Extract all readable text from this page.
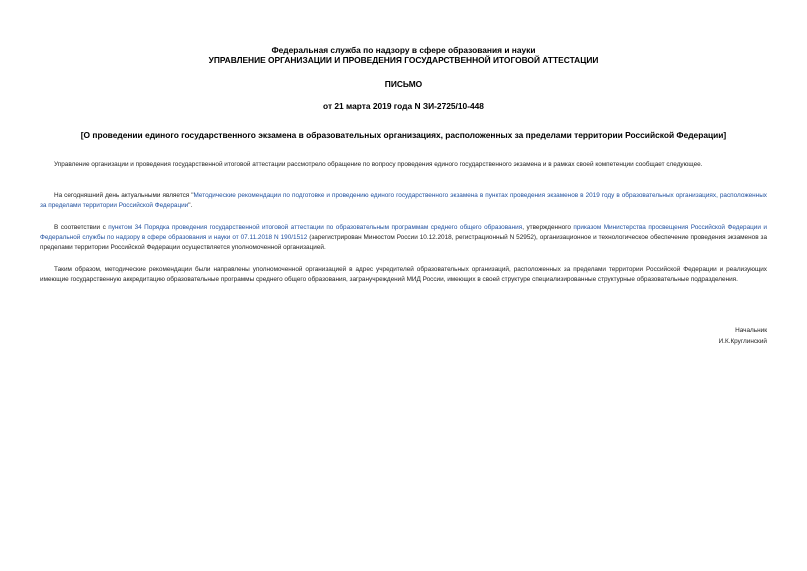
Федеральная служба по надзору в сфере образования и науки
УПРАВЛЕНИЕ ОРГАНИЗАЦИИ И ПРОВЕДЕНИЯ ГОСУДАРСТВЕННОЙ ИТОГОВОЙ АТТЕСТАЦИИ
ПИСЬМО
от 21 марта 2019 года N ЗИ-2725/10-448
[О проведении единого государственного экзамена в образовательных организациях, расположенных за пределами территории Российской Федерации]
Управление организации и проведения государственной итоговой аттестации рассмотрело обращение по вопросу проведения единого государственного экзамена и в рамках своей компетенции сообщает следующее.
На сегодняшний день актуальными является "Методические рекомендации по подготовке и проведению единого государственного экзамена в пунктах проведения экзаменов в 2019 году в образовательных организациях, расположенных за пределами территории Российской Федерации".
В соответствии с пунктом 34 Порядка проведения государственной итоговой аттестации по образовательным программам среднего общего образования, утвержденного приказом Министерства просвещения Российской Федерации и Федеральной службы по надзору в сфере образования и науки от 07.11.2018 N 190/1512 (зарегистрирован Минюстом России 10.12.2018, регистрационный N 52952), организационное и технологическое обеспечение проведения экзаменов за пределами территории Российской Федерации осуществляется уполномоченной организацией.
Таким образом, методические рекомендации были направлены уполномоченной организацией в адрес учредителей образовательных организаций, расположенных за пределами территории Российской Федерации и реализующих имеющие государственную аккредитацию образовательные программы среднего общего образования, загранучреждений МИД России, имеющих в своей структуре специализированные структурные образовательные подразделения.
Начальник
И.К.Круглинский
